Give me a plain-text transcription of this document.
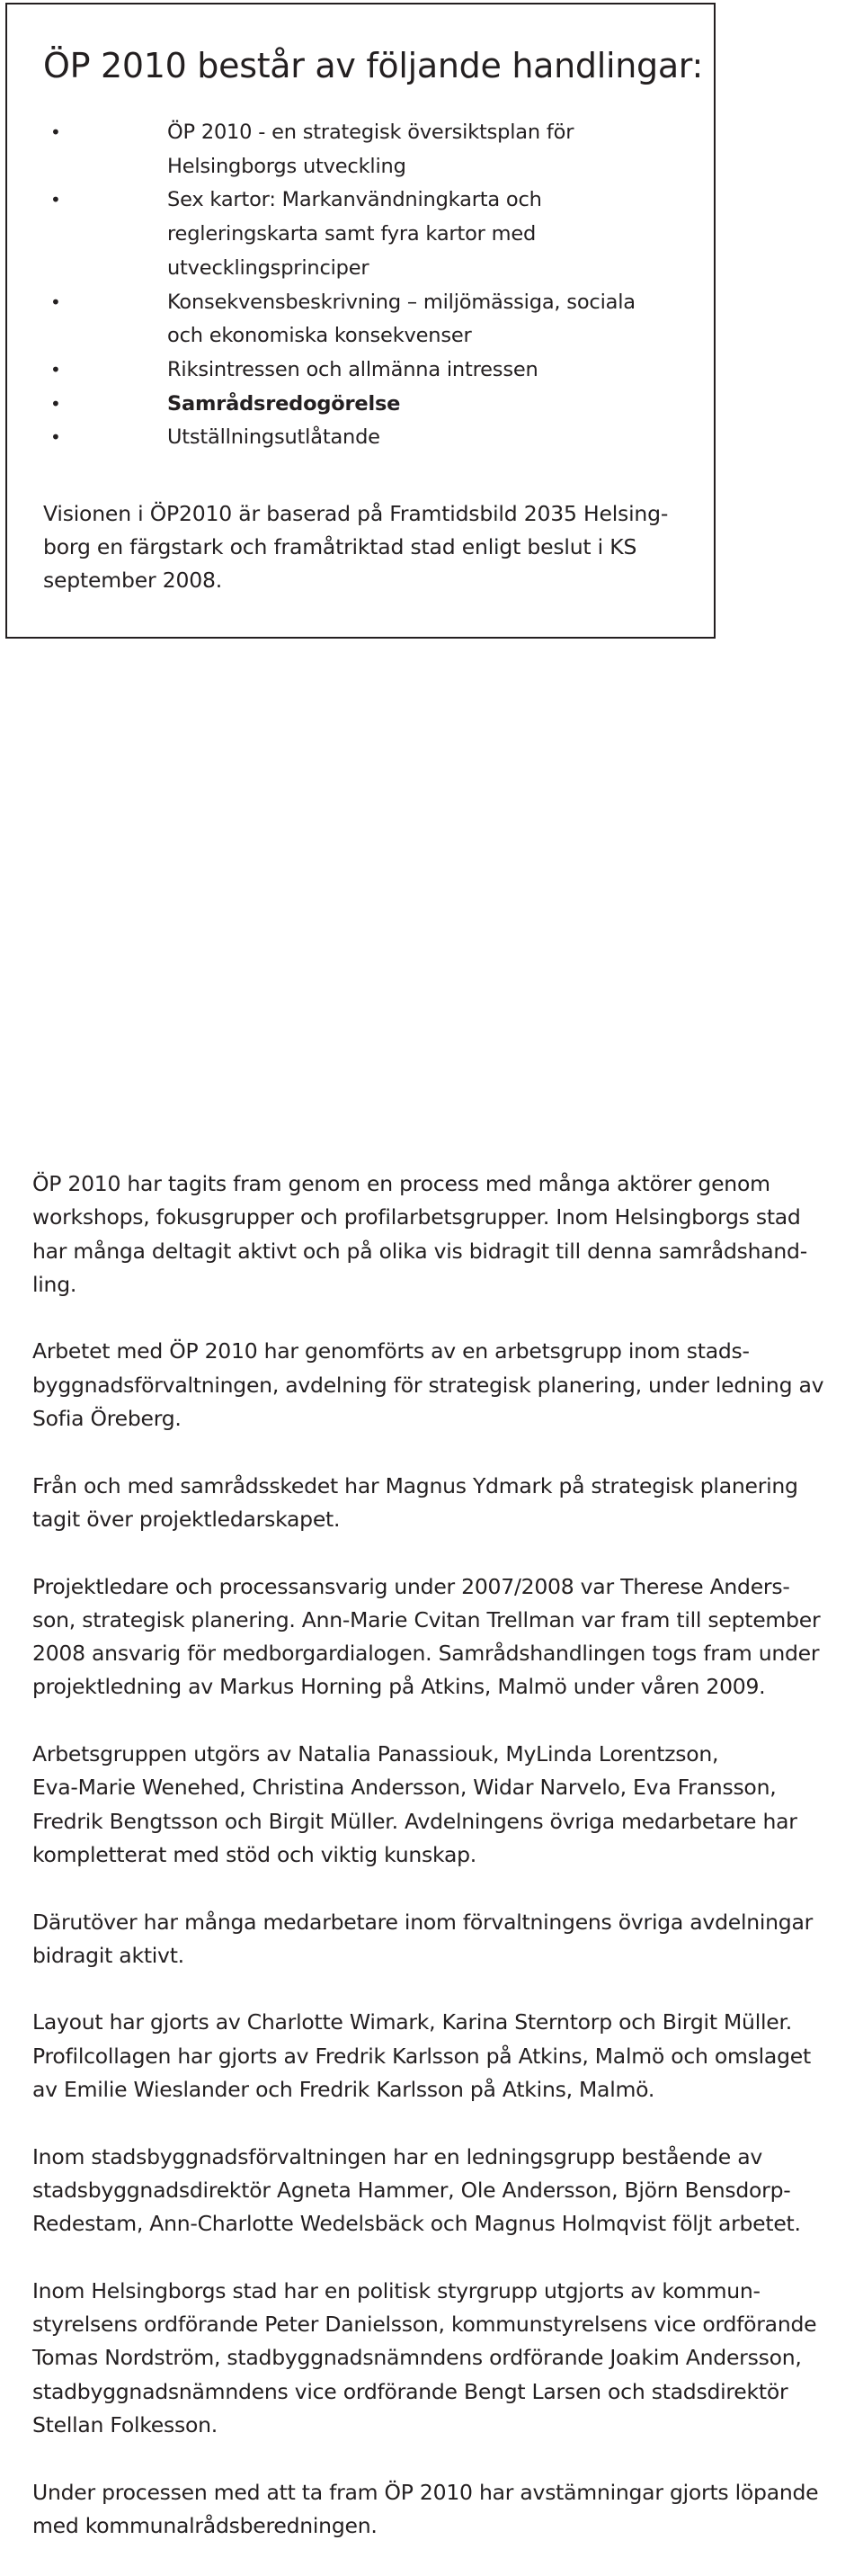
ÖP 2010 består av följande handlingar:
•	ÖP 2010 - en strategisk översiktsplan för
Helsingborgs utveckling
•	Sex kartor: Markanvändningkarta och
regleringskarta samt fyra kartor med
utvecklingsprinciper
•	Konsekvensbeskrivning – miljömässiga, sociala
och ekonomiska konsekvenser
•	Riksintressen och allmänna intressen
•	Samrådsredogörelse
•	Utställningsutlåtande

Visionen i ÖP2010 är baserad på Framtidsbild 2035 Helsing-
borg en färgstark och framåtriktad stad enligt beslut i KS
september 2008.

ÖP 2010 har tagits fram genom en process med många aktörer genom
workshops, fokusgrupper och profilarbetsgrupper. Inom Helsingborgs stad
har många deltagit aktivt och på olika vis bidragit till denna samrådshand-
ling.

Arbetet med ÖP 2010 har genomförts av en arbetsgrupp inom stads-
byggnadsförvaltningen, avdelning för strategisk planering, under ledning av
Sofia Öreberg.

Från och med samrådsskedet har Magnus Ydmark på strategisk planering
tagit över projektledarskapet.

Projektledare och processansvarig under 2007/2008 var Therese Anders-
son, strategisk planering. Ann-Marie Cvitan Trellman var fram till september
2008 ansvarig för medborgardialogen. Samrådshandlingen togs fram under
projektledning av Markus Horning på Atkins, Malmö under våren 2009.

Arbetsgruppen utgörs av Natalia Panassiouk, MyLinda Lorentzson,
Eva-Marie Wenehed, Christina Andersson, Widar Narvelo, Eva Fransson,
Fredrik Bengtsson och Birgit Müller. Avdelningens övriga medarbetare har
kompletterat med stöd och viktig kunskap.

Därutöver har många medarbetare inom förvaltningens övriga avdelningar
bidragit aktivt.

Layout har gjorts av Charlotte Wimark, Karina Sterntorp och Birgit Müller.
Profilcollagen har gjorts av Fredrik Karlsson på Atkins, Malmö och omslaget
av Emilie Wieslander och Fredrik Karlsson på Atkins, Malmö.

Inom stadsbyggnadsförvaltningen har en ledningsgrupp bestående av
stadsbyggnadsdirektör Agneta Hammer, Ole Andersson, Björn Bensdorp-
Redestam, Ann-Charlotte Wedelsbäck och Magnus Holmqvist följt arbetet.

Inom Helsingborgs stad har en politisk styrgrupp utgjorts av kommun-
styrelsens ordförande Peter Danielsson, kommunstyrelsens vice ordförande
Tomas Nordström, stadbyggnadsnämndens ordförande Joakim Andersson,
stadbyggnadsnämndens vice ordförande Bengt Larsen och stadsdirektör
Stellan Folkesson.

Under processen med att ta fram ÖP 2010 har avstämningar gjorts löpande
med kommunalrådsberedningen.
